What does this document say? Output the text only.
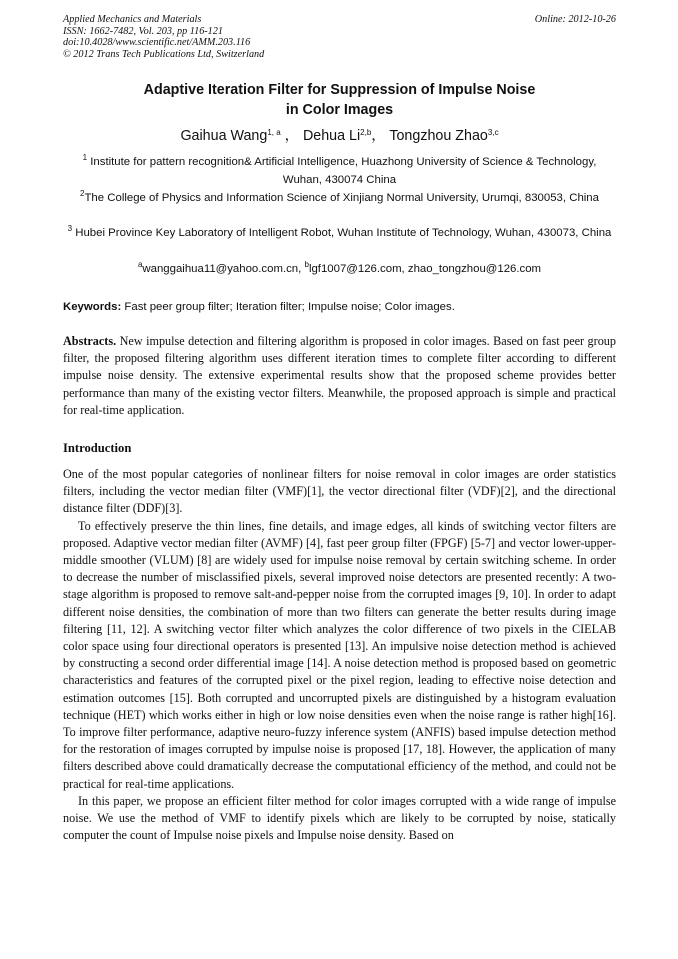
Applied Mechanics and Materials
ISSN: 1662-7482, Vol. 203, pp 116-121
doi:10.4028/www.scientific.net/AMM.203.116
© 2012 Trans Tech Publications Ltd, Switzerland
Online: 2012-10-26
Adaptive Iteration Filter for Suppression of Impulse Noise
in Color Images
Gaihua Wang$^{1, a}$ ， Dehua Li$^{2,b}$， Tongzhou Zhao$^{3,c}$
$^1$ Institute for pattern recognition& Artificial Intelligence, Huazhong University of Science & Technology, Wuhan, 430074 China
$^2$The College of Physics and Information Science of Xinjiang Normal University, Urumqi, 830053, China
$^3$ Hubei Province Key Laboratory of Intelligent Robot, Wuhan Institute of Technology, Wuhan, 430073, China
$^a$wanggaihua11@yahoo.com.cn, $^b$lgf1007@126.com, zhao_tongzhou@126.com
Keywords: Fast peer group filter; Iteration filter; Impulse noise; Color images.
Abstracts. New impulse detection and filtering algorithm is proposed in color images. Based on fast peer group filter, the proposed filtering algorithm uses different iteration times to complete filter according to different impulse noise density. The extensive experimental results show that the proposed scheme provides better performance than many of the existing vector filters. Meanwhile, the proposed approach is simple and practical for real-time application.
Introduction

One of the most popular categories of nonlinear filters for noise removal in color images are order statistics filters, including the vector median filter (VMF)[1], the vector directional filter (VDF)[2], and the directional distance filter (DDF)[3].

To effectively preserve the thin lines, fine details, and image edges, all kinds of switching vector filters are proposed. Adaptive vector median filter (AVMF) [4], fast peer group filter (FPGF) [5-7] and vector lower-upper-middle smoother (VLUM) [8] are widely used for impulse noise removal by certain switching scheme. In order to decrease the number of misclassified pixels, several improved noise detectors are presented recently: A two-stage algorithm is proposed to remove salt-and-pepper noise from the corrupted images [9, 10]. In order to adapt different noise densities, the combination of more than two filters can generate the better results during image filtering [11, 12]. A switching vector filter which analyzes the color difference of two pixels in the CIELAB color space using four directional operators is presented [13]. An impulsive noise detection method is achieved by constructing a second order differential image [14]. A noise detection method is proposed based on geometric characteristics and features of the corrupted pixel or the pixel region, leading to effective noise detection and estimation outcomes [15]. Both corrupted and uncorrupted pixels are distinguished by a histogram evaluation technique (HET) which works either in high or low noise densities even when the noise range is rather high[16]. To improve filter performance, adaptive neuro-fuzzy inference system (ANFIS) based impulse detection method for the restoration of images corrupted by impulse noise is proposed [17, 18]. However, the application of many filters described above could dramatically decrease the computational efficiency of the method, and could not be practical for real-time applications.

In this paper, we propose an efficient filter method for color images corrupted with a wide range of impulse noise. We use the method of VMF to identify pixels which are likely to be corrupted by noise, statically computer the count of Impulse noise pixels and Impulse noise density. Based on
